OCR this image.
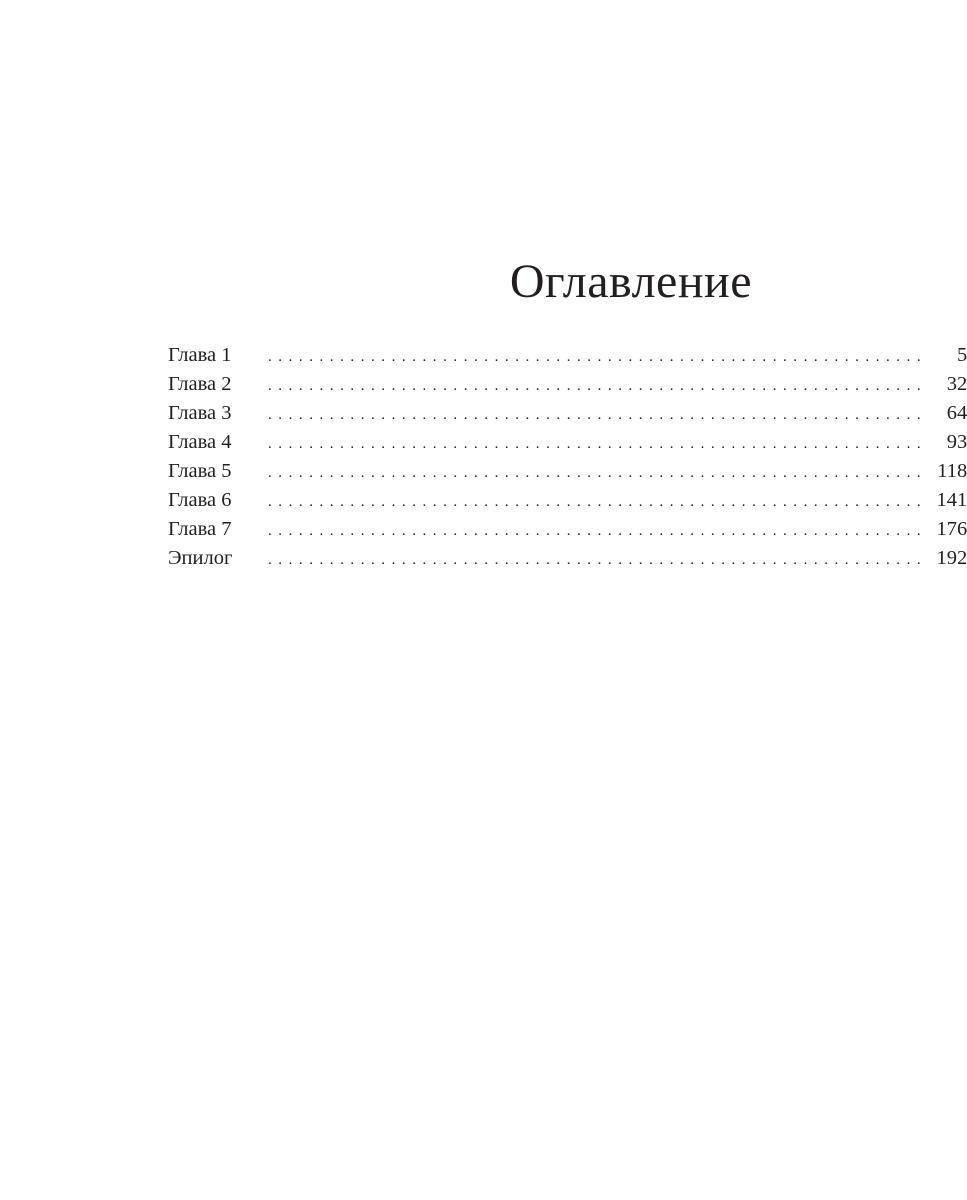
Оглавление
Глава 1	................................................................	5
Глава 2	................................................................ 32
Глава 3	................................................................ 64
Глава 4	................................................................ 93
Глава 5	................................................................ 118
Глава 6	................................................................ 141
Глава 7	................................................................ 176
Эпилог	................................................................ 192
